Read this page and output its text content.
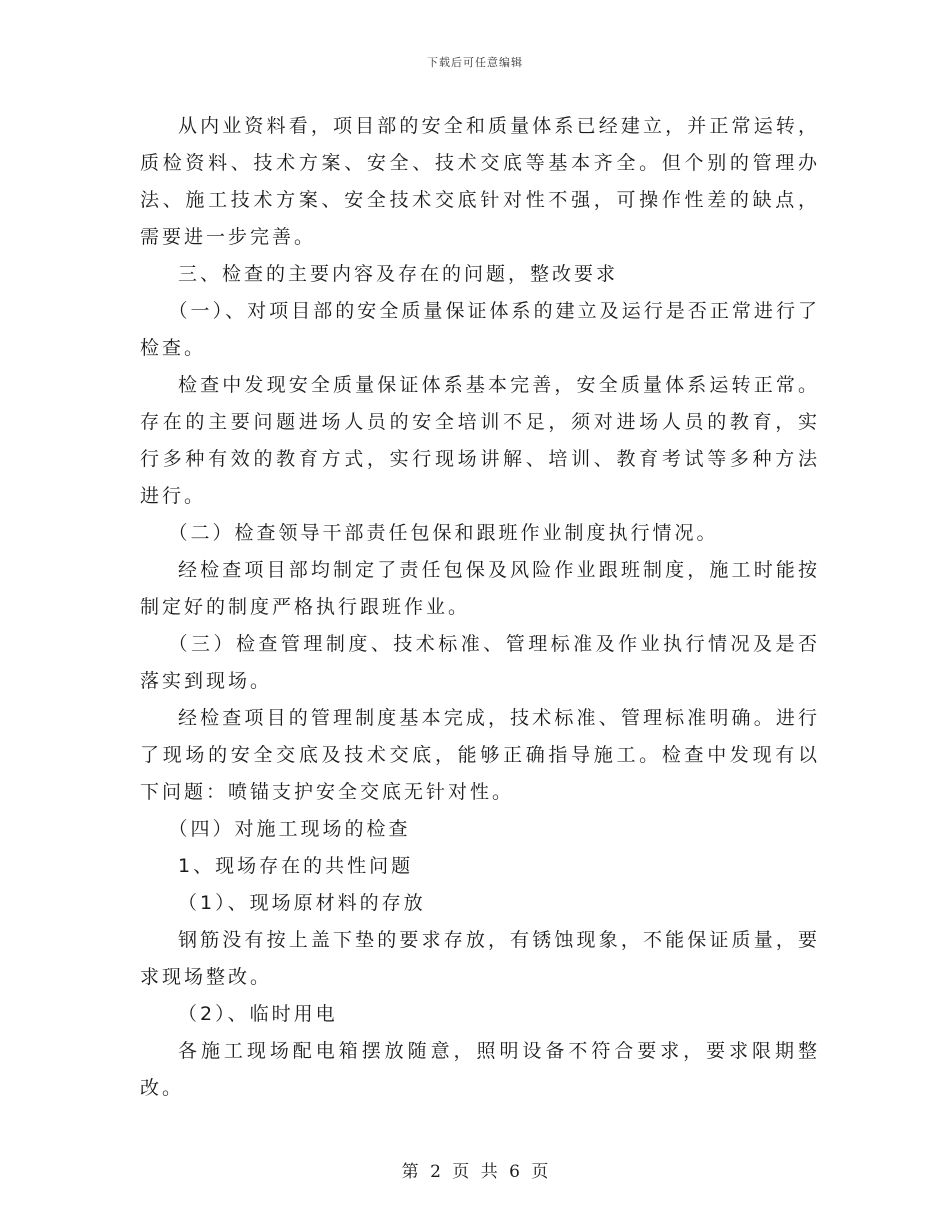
下载后可任意编辑

从内业资料看，项目部的安全和质量体系已经建立，并正常运转，质检资料、技术方案、安全、技术交底等基本齐全。但个别的管理办法、施工技术方案、安全技术交底针对性不强，可操作性差的缺点，需要进一步完善。

三、检查的主要内容及存在的问题，整改要求

（一）、对项目部的安全质量保证体系的建立及运行是否正常进行了检查。

检查中发现安全质量保证体系基本完善，安全质量体系运转正常。存在的主要问题进场人员的安全培训不足，须对进场人员的教育，实行多种有效的教育方式，实行现场讲解、培训、教育考试等多种方法进行。

（二）检查领导干部责任包保和跟班作业制度执行情况。

经检查项目部均制定了责任包保及风险作业跟班制度，施工时能按制定好的制度严格执行跟班作业。

（三）检查管理制度、技术标准、管理标准及作业执行情况及是否落实到现场。

经检查项目的管理制度基本完成，技术标准、管理标准明确。进行了现场的安全交底及技术交底，能够正确指导施工。检查中发现有以下问题：喷锚支护安全交底无针对性。

（四）对施工现场的检查

1、现场存在的共性问题

（1）、现场原材料的存放

钢筋没有按上盖下垫的要求存放，有锈蚀现象，不能保证质量，要求现场整改。

（2）、临时用电

各施工现场配电箱摆放随意，照明设备不符合要求，要求限期整改。

第 2 页 共 6 页
